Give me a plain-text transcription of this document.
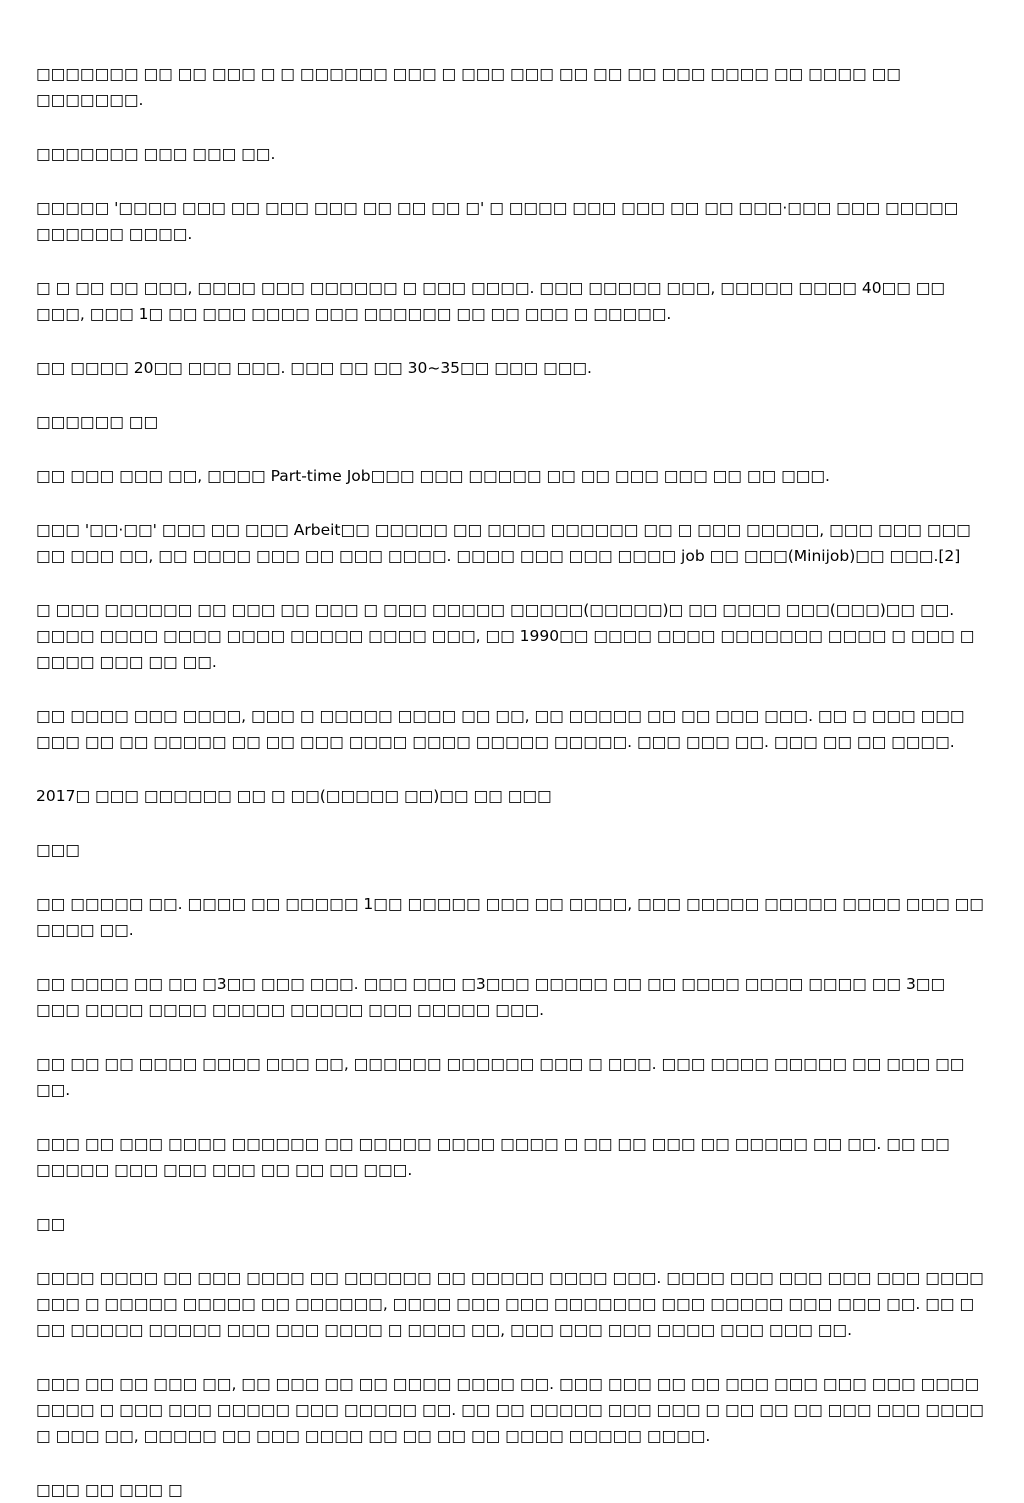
□□□□□□□ □□ □□ □□□ □ □ □□□□□□ □□□ □ □□□ □□□ □□ □□ □□ □□□ □□□□ □□ □□□□ □□ □□□□□□□.

□□□□□□□ □□□ □□□ □□.

□□□□□ '□□□□ □□□ □□ □□□ □□□ □□ □□ □□ □' □ □□□□ □□□ □□□ □□ □□ □□□·□□□ □□□ □□□□□ □□□□□□ □□□□.

□ □ □□ □□ □□□, □□□□ □□□ □□□□□□ □ □□□ □□□□. □□□ □□□□□ □□□, □□□□□ □□□□ 40□□ □□ □□□, □□□ 1□ □□ □□□ □□□□ □□□ □□□□□□ □□ □□ □□□ □ □□□□□.

□□ □□□□ 20□□ □□□ □□□. □□□ □□ □□ 30~35□□ □□□ □□□.

□□□□□□ □□

□□ □□□ □□□ □□, □□□□ Part-time Job□□□ □□□ □□□□□ □□ □□ □□□ □□□ □□ □□ □□□.

□□□ '□□·□□' □□□ □□ □□□ Arbeit□□ □□□□□ □□ □□□□ □□□□□□ □□ □ □□□ □□□□□, □□□ □□□ □□□ □□ □□□ □□, □□ □□□□ □□□ □□ □□□ □□□□. □□□□ □□□ □□□ □□□□ job □□ □□□(Minijob)□□ □□□.[2]

□ □□□ □□□□□□ □□ □□□ □□ □□□ □ □□□ □□□□□ □□□□□(□□□□□)□ □□ □□□□ □□□(□□□)□□ □□. □□□□ □□□□ □□□□ □□□□ □□□□□ □□□□ □□□, □□ 1990□□ □□□□ □□□□ □□□□□□□ □□□□ □ □□□ □ □□□□ □□□ □□ □□.

□□ □□□□ □□□ □□□□, □□□ □ □□□□□ □□□□ □□ □□, □□ □□□□□ □□ □□ □□□ □□□. □□ □ □□□ □□□ □□□ □□ □□ □□□□□ □□ □□ □□□ □□□□ □□□□ □□□□□ □□□□□. □□□ □□□ □□. □□□ □□ □□ □□□□.

2017□ □□□ □□□□□□ □□ □ □□(□□□□□ □□)□□ □□ □□□

□□□

□□ □□□□□ □□. □□□□ □□ □□□□□ 1□□ □□□□□ □□□ □□ □□□□, □□□ □□□□□ □□□□□ □□□□ □□□ □□ □□□□ □□.

□□ □□□□ □□ □□ □3□□ □□□ □□□. □□□ □□□ □3□□□ □□□□□ □□ □□ □□□□ □□□□ □□□□ □□ 3□□ □□□ □□□□ □□□□ □□□□□ □□□□□ □□□ □□□□□ □□□.

□□ □□ □□ □□□□ □□□□ □□□ □□, □□□□□□ □□□□□□ □□□ □ □□□. □□□ □□□□ □□□□□ □□ □□□ □□ □□.

□□□ □□ □□□ □□□□ □□□□□□ □□ □□□□□ □□□□ □□□□ □ □□ □□ □□□ □□ □□□□□ □□ □□. □□ □□ □□□□□ □□□ □□□ □□□ □□ □□ □□ □□□.

□□

□□□□ □□□□ □□ □□□ □□□□ □□ □□□□□□ □□ □□□□□ □□□□ □□□. □□□□ □□□ □□□ □□□ □□□ □□□□ □□□ □ □□□□□ □□□□□ □□ □□□□□□, □□□□ □□□ □□□ □□□□□□□ □□□ □□□□□ □□□ □□□ □□. □□ □ □□ □□□□□ □□□□□ □□□ □□□ □□□□ □ □□□□ □□, □□□ □□□ □□□ □□□□ □□□ □□□ □□.

□□□ □□ □□ □□□ □□, □□ □□□ □□ □□ □□□□ □□□□ □□. □□□ □□□ □□ □□ □□□ □□□ □□□ □□□ □□□□ □□□□ □ □□□ □□□ □□□□□ □□□ □□□□□ □□. □□ □□ □□□□□ □□□ □□□ □ □□ □□ □□ □□□ □□□ □□□□ □ □□□ □□, □□□□□ □□ □□□ □□□□ □□ □□ □□ □□ □□□□ □□□□□ □□□□.

□□□ □□ □□□ □
